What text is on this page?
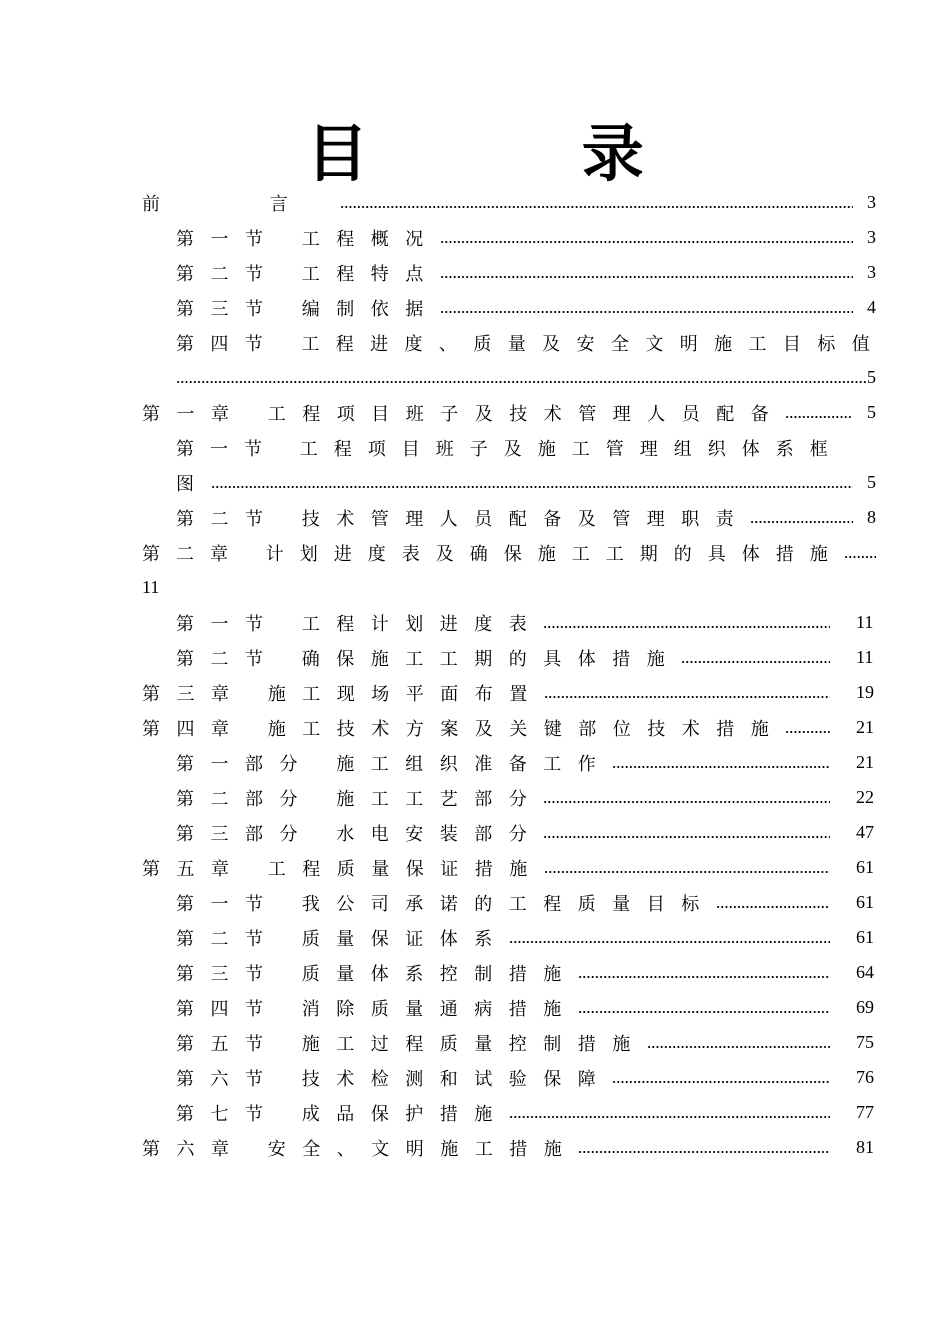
目 录
前 言	3
第一节 工程概况	3
第二节 工程特点	3
第三节 编制依据	4
第四节 工程进度、质量及安全文明施工目标值
5
第一章 工程项目班子及技术管理人员配备	5
第一节 工程项目班子及施工管理组织体系框
图	5
第二节 技术管理人员配备及管理职责	8
第二章 计划进度表及确保施工工期的具体措施
11
第一节 工程计划进度表	11
第二节 确保施工工期的具体措施	11
第三章 施工现场平面布置	19
第四章 施工技术方案及关键部位技术措施	21
第一部分 施工组织准备工作	21
第二部分 施工工艺部分	22
第三部分 水电安装部分	47
第五章 工程质量保证措施	61
第一节 我公司承诺的工程质量目标	61
第二节 质量保证体系	61
第三节 质量体系控制措施	64
第四节 消除质量通病措施	69
第五节 施工过程质量控制措施	75
第六节 技术检测和试验保障	76
第七节 成品保护措施	77
第六章 安全、文明施工措施	81
